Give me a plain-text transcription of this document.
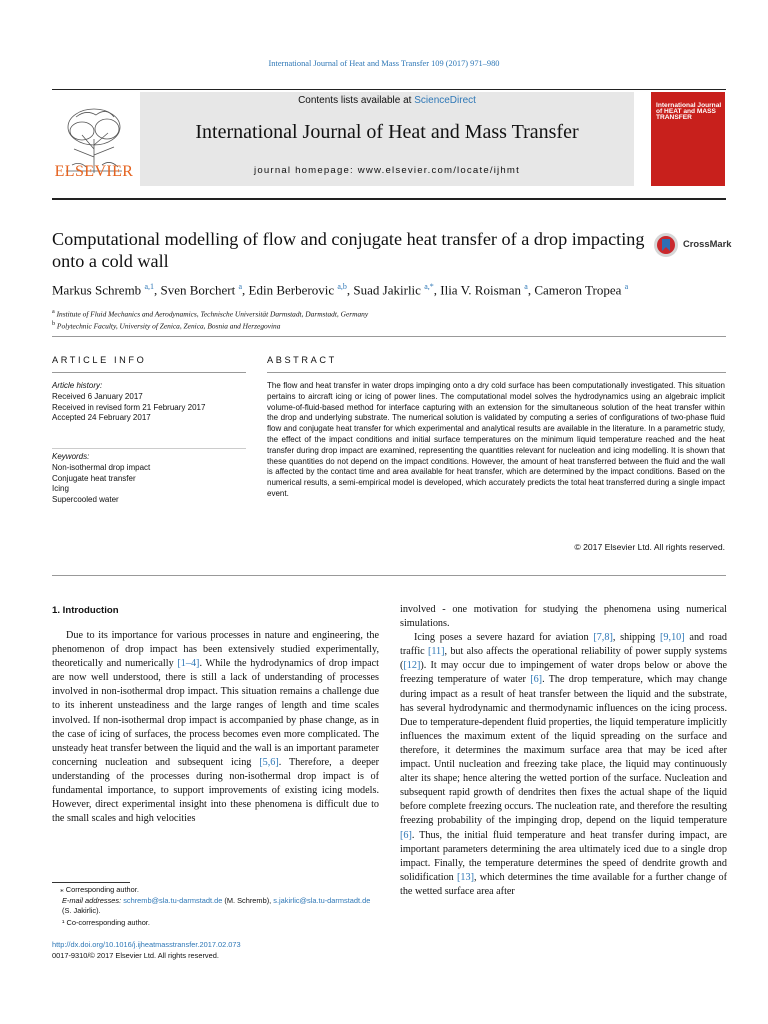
International Journal of Heat and Mass Transfer 109 (2017) 971–980
ELSEVIER
Contents lists available at ScienceDirect
International Journal of Heat and Mass Transfer
journal homepage: www.elsevier.com/locate/ijhmt
International Journal of HEAT and MASS TRANSFER
Computational modelling of flow and conjugate heat transfer of a drop impacting onto a cold wall
CrossMark
Markus Schremb $^{a,1}$, Sven Borchert $^a$, Edin Berberovic $^{a,b}$, Suad Jakirlic $^{a,*}$, Ilia V. Roisman $^a$, Cameron Tropea $^a$
$^a$ Institute of Fluid Mechanics and Aerodynamics, Technische Universität Darmstadt, Darmstadt, Germany
$^b$ Polytechnic Faculty, University of Zenica, Zenica, Bosnia and Herzegovina
ARTICLE INFO
Article history:
Received 6 January 2017
Received in revised form 21 February 2017
Accepted 24 February 2017
Keywords:
Non-isothermal drop impact
Conjugate heat transfer
Icing
Supercooled water
ABSTRACT
The flow and heat transfer in water drops impinging onto a dry cold surface has been computationally investigated. This situation pertains to aircraft icing or icing of power lines. The computational model solves the hydrodynamics using an algebraic implicit volume-of-fluid-based method for interface capturing with an extension for the simultaneous solution of the heat transfer within the drop and underlying substrate. The numerical solution is validated by computing a series of configurations of two-phase fluid flow and conjugate heat transfer for which experimental and analytical results are available in the literature. In a parametric study, the effect of the impact conditions and initial surface temperatures on the minimum liquid temperature reached and the heat transfer during drop impact are examined, representing the quantities relevant for nucleation and icing modelling. It is shown that these quantities do not depend on the impact conditions. However, the amount of heat transferred between the fluid and the wall is affected by the contact time and area available for heat transfer, which are determined by the impact conditions. Based on the numerical results, a semi-empirical model is developed, which accurately predicts the total heat transferred during a single impact event.
© 2017 Elsevier Ltd. All rights reserved.
1. Introduction

Due to its importance for various processes in nature and engineering, the phenomenon of drop impact has been extensively studied experimentally, theoretically and numerically [1–4]. While the hydrodynamics of drop impact are now well understood, there is still a lack of understanding of processes involved in non-isothermal drop impact. This situation remains a challenge due to its inherent unsteadiness and the large ranges of length and time scales involved. If non-isothermal drop impact is accompanied by phase change, as in the case of icing of surfaces, the process becomes even more complicated. The unsteady heat transfer between the liquid and the wall is an important parameter concerning nucleation and subsequent icing [5,6]. Therefore, a deeper understanding of the processes during non-isothermal drop impact is of fundamental importance, to support improvements of existing icing models. However, direct experimental insight into these phenomena is difficult due to the small scales and high velocities

involved - one motivation for studying the phenomena using numerical simulations.

Icing poses a severe hazard for aviation [7,8], shipping [9,10] and road traffic [11], but also affects the operational reliability of power supply systems ([12]). It may occur due to impingement of water drops below or above the freezing temperature of water [6]. The drop temperature, which may change during impact as a result of heat transfer between the liquid and the substrate, has several hydrodynamic and thermodynamic influences on the icing process. Due to temperature-dependent fluid properties, the liquid temperature implicitly influences the maximum extent of the liquid spreading on the surface and therefore, it determines the maximum surface area that may be iced after impact. Until nucleation and freezing take place, the liquid may continuously alter its shape; hence altering the wetted portion of the surface. Nucleation and subsequent rapid growth of dendrites then fixes the actual shape of the liquid before complete freezing occurs. The nucleation rate, and therefore the resulting freezing probability of the impinging drop, depend on the liquid temperature [6]. Thus, the initial fluid temperature and heat transfer during impact, are important parameters determining the area ultimately iced due to a single drop impact. Finally, the temperature determines the speed of dendrite growth and solidification [13], which determines the time available for a further change of the wetted surface area after

⁎ Corresponding author.
E-mail addresses: schremb@sla.tu-darmstadt.de (M. Schremb), s.jakirlic@sla.tu-darmstadt.de (S. Jakirlic).
¹ Co-corresponding author.
http://dx.doi.org/10.1016/j.ijheatmasstransfer.2017.02.073
0017-9310/© 2017 Elsevier Ltd. All rights reserved.
